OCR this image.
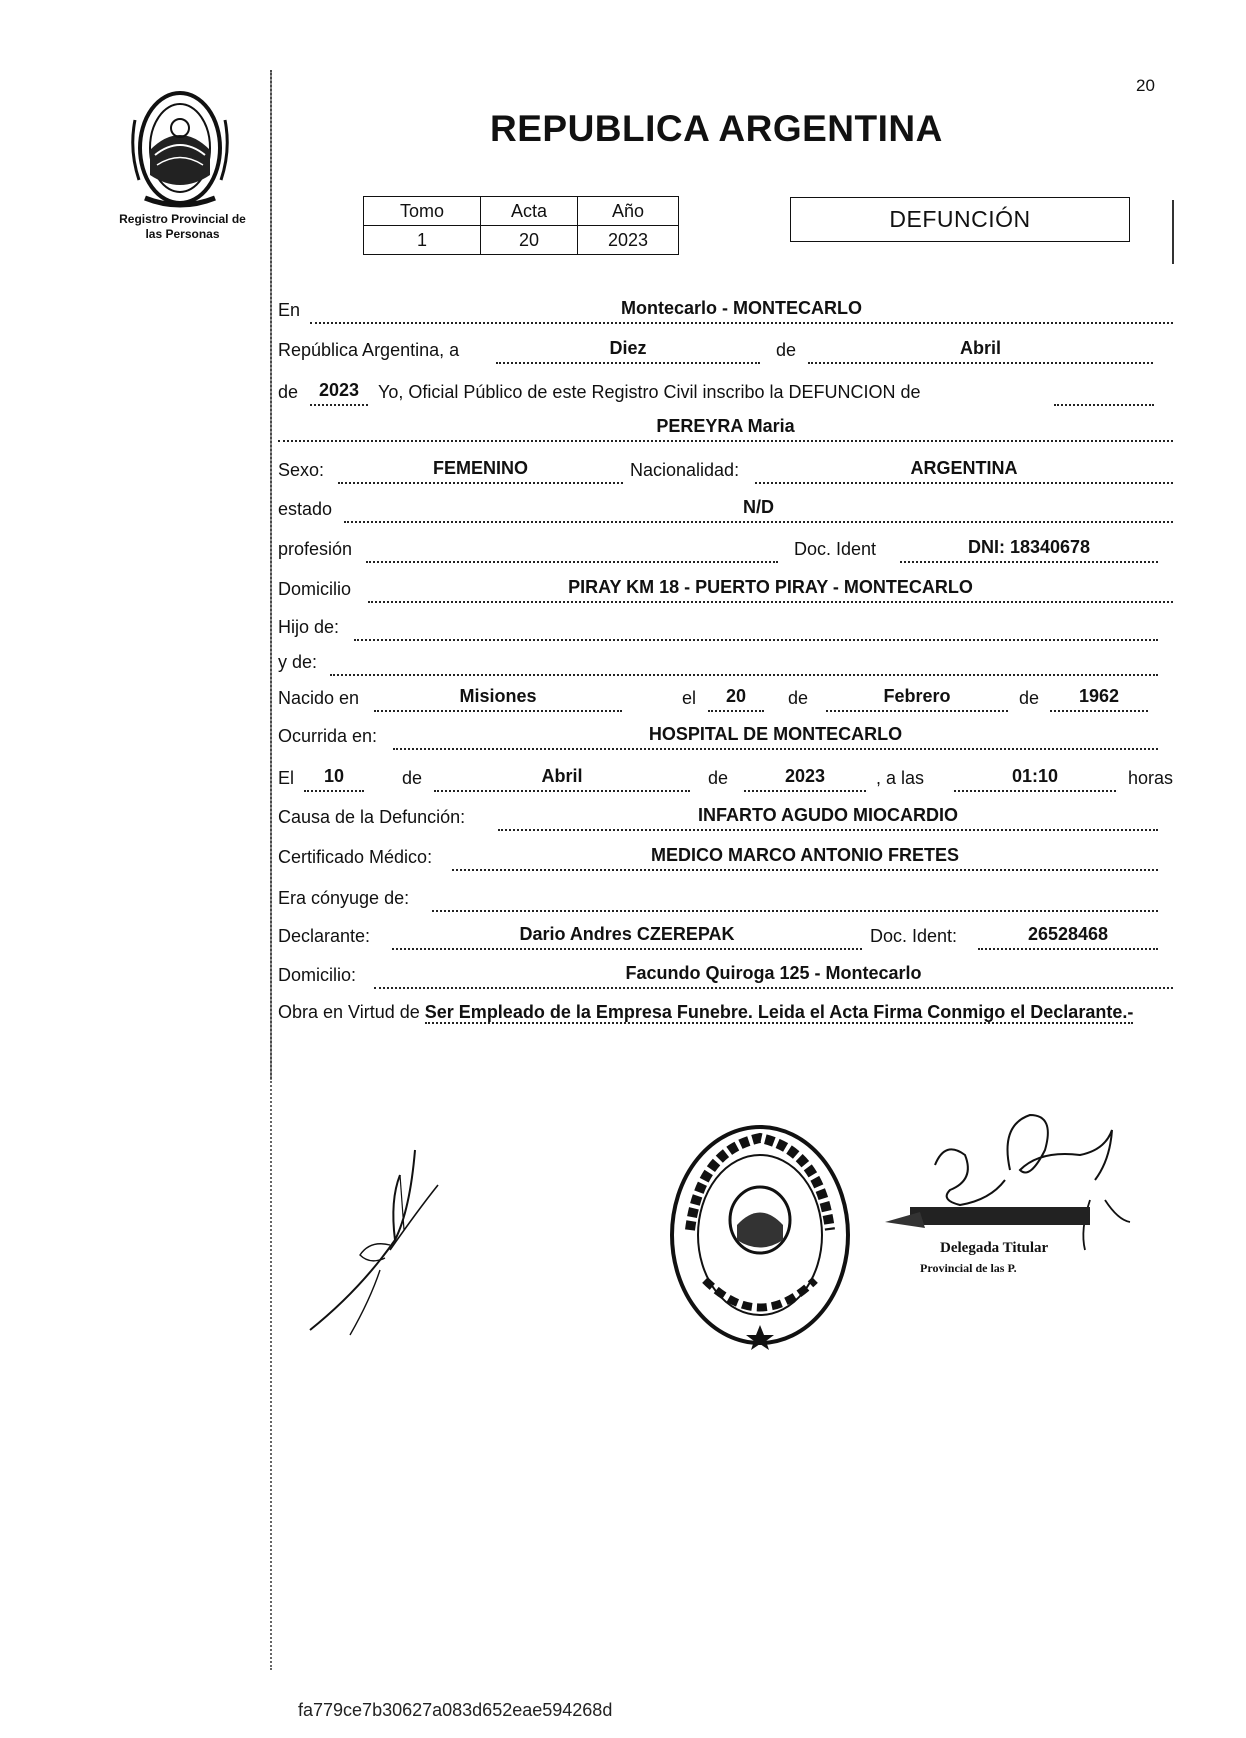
20
Registro Provincial de
las Personas
REPUBLICA ARGENTINA
Tomo	Acta	Año
1	20	2023
DEFUNCIÓN
En	Montecarlo - MONTECARLO
República Argentina, a	Diez	de	Abril
de	2023	Yo, Oficial Público de este Registro Civil inscribo la DEFUNCION de
PEREYRA Maria
Sexo:	FEMENINO	Nacionalidad:	ARGENTINA
estado	N/D
profesión	Doc. Ident	DNI: 18340678
Domicilio	PIRAY KM 18 - PUERTO PIRAY - MONTECARLO
Hijo de:
y de:
Nacido en	Misiones	el	20	de	Febrero	de	1962
Ocurrida en:	HOSPITAL DE MONTECARLO
El	10	de	Abril	de	2023	, a las	01:10	horas
Causa de la Defunción:	INFARTO AGUDO MIOCARDIO
Certificado Médico:	MEDICO MARCO ANTONIO FRETES
Era cónyuge de:
Declarante:	Dario Andres CZEREPAK	Doc. Ident:	26528468
Domicilio:	Facundo Quiroga 125 - Montecarlo
Obra en Virtud de Ser Empleado de la Empresa Funebre. Leida el Acta Firma Conmigo el Declarante.-
Delegada Titular
Provincial de las P.
fa779ce7b30627a083d652eae594268d
